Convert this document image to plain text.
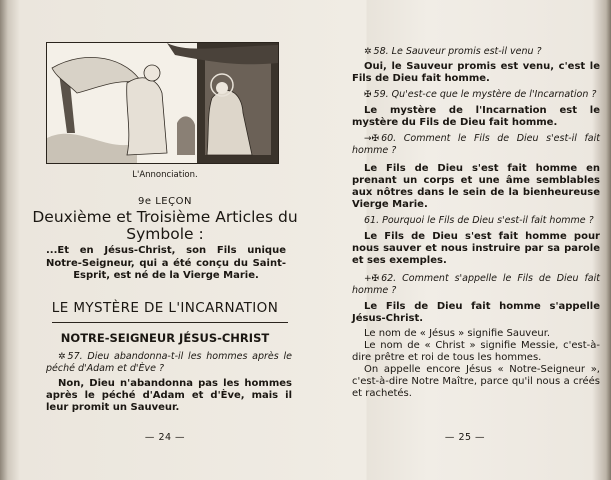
L'Annonciation.
9e LEÇON
Deuxième et Troisième Articles du Symbole :
...Et en Jésus-Christ, son Fils unique Notre-Seigneur, qui a été conçu du Saint-Esprit, est né de la Vierge Marie.
LE MYSTÈRE DE L'INCARNATION
NOTRE-SEIGNEUR JÉSUS-CHRIST
✲ 57. Dieu abandonna-t-il les hommes après le péché d'Adam et d'Ève ?
Non, Dieu n'abandonna pas les hommes après le péché d'Adam et d'Ève, mais il leur promit un Sauveur.
— 24 —
✲ 58. Le Sauveur promis est-il venu ?
Oui, le Sauveur promis est venu, c'est le Fils de Dieu fait homme.
✠ 59. Qu'est-ce que le mystère de l'Incarnation ?
Le mystère de l'Incarnation est le mystère du Fils de Dieu fait homme.
→✠ 60. Comment le Fils de Dieu s'est-il fait homme ?
Le Fils de Dieu s'est fait homme en prenant un corps et une âme semblables aux nôtres dans le sein de la bienheureuse Vierge Marie.
61. Pourquoi le Fils de Dieu s'est-il fait homme ?
Le Fils de Dieu s'est fait homme pour nous sauver et nous instruire par sa parole et ses exemples.
+✠ 62. Comment s'appelle le Fils de Dieu fait homme ?
Le Fils de Dieu fait homme s'appelle Jésus-Christ.
Le nom de « Jésus » signifie Sauveur.
Le nom de « Christ » signifie Messie, c'est-à-dire prêtre et roi de tous les hommes.
On appelle encore Jésus « Notre-Seigneur », c'est-à-dire Notre Maître, parce qu'il nous a créés et rachetés.
— 25 —
